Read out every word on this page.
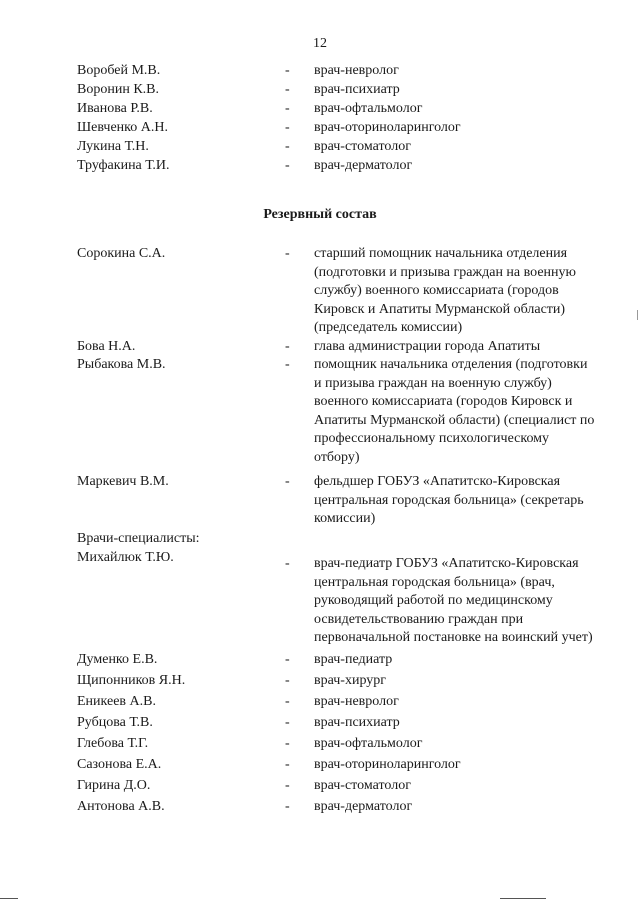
12
Воробей М.В.	- врач-невролог
Воронин К.В.	- врач-психиатр
Иванова Р.В.	- врач-офтальмолог
Шевченко А.Н.	- врач-оториноларинголог
Лукина Т.Н.	- врач-стоматолог
Труфакина Т.И.	- врач-дерматолог
Резервный состав
Сорокина С.А.	- старший помощник начальника отделения (подготовки и призыва граждан на военную службу) военного комиссариата (городов Кировск и Апатиты Мурманской области) (председатель комиссии)
Бова Н.А.	- глава администрации города Апатиты
Рыбакова М.В.	- помощник начальника отделения (подготовки и призыва граждан на военную службу) военного комиссариата (городов Кировск и Апатиты Мурманской области) (специалист по профессиональному психологическому отбору)
Маркевич В.М.	- фельдшер ГОБУЗ «Апатитско-Кировская центральная городская больница» (секретарь комиссии)
Врачи-специалисты:
Михайлюк Т.Ю.	- врач-педиатр ГОБУЗ «Апатитско-Кировская центральная городская больница» (врач, руководящий работой по медицинскому освидетельствованию граждан при первоначальной постановке на воинский учет)
Думенко Е.В.	- врач-педиатр
Щипонников Я.Н.	- врач-хирург
Еникеев А.В.	- врач-невролог
Рубцова Т.В.	- врач-психиатр
Глебова Т.Г.	- врач-офтальмолог
Сазонова Е.А.	- врач-оториноларинголог
Гирина Д.О.	- врач-стоматолог
Антонова А.В.	- врач-дерматолог
